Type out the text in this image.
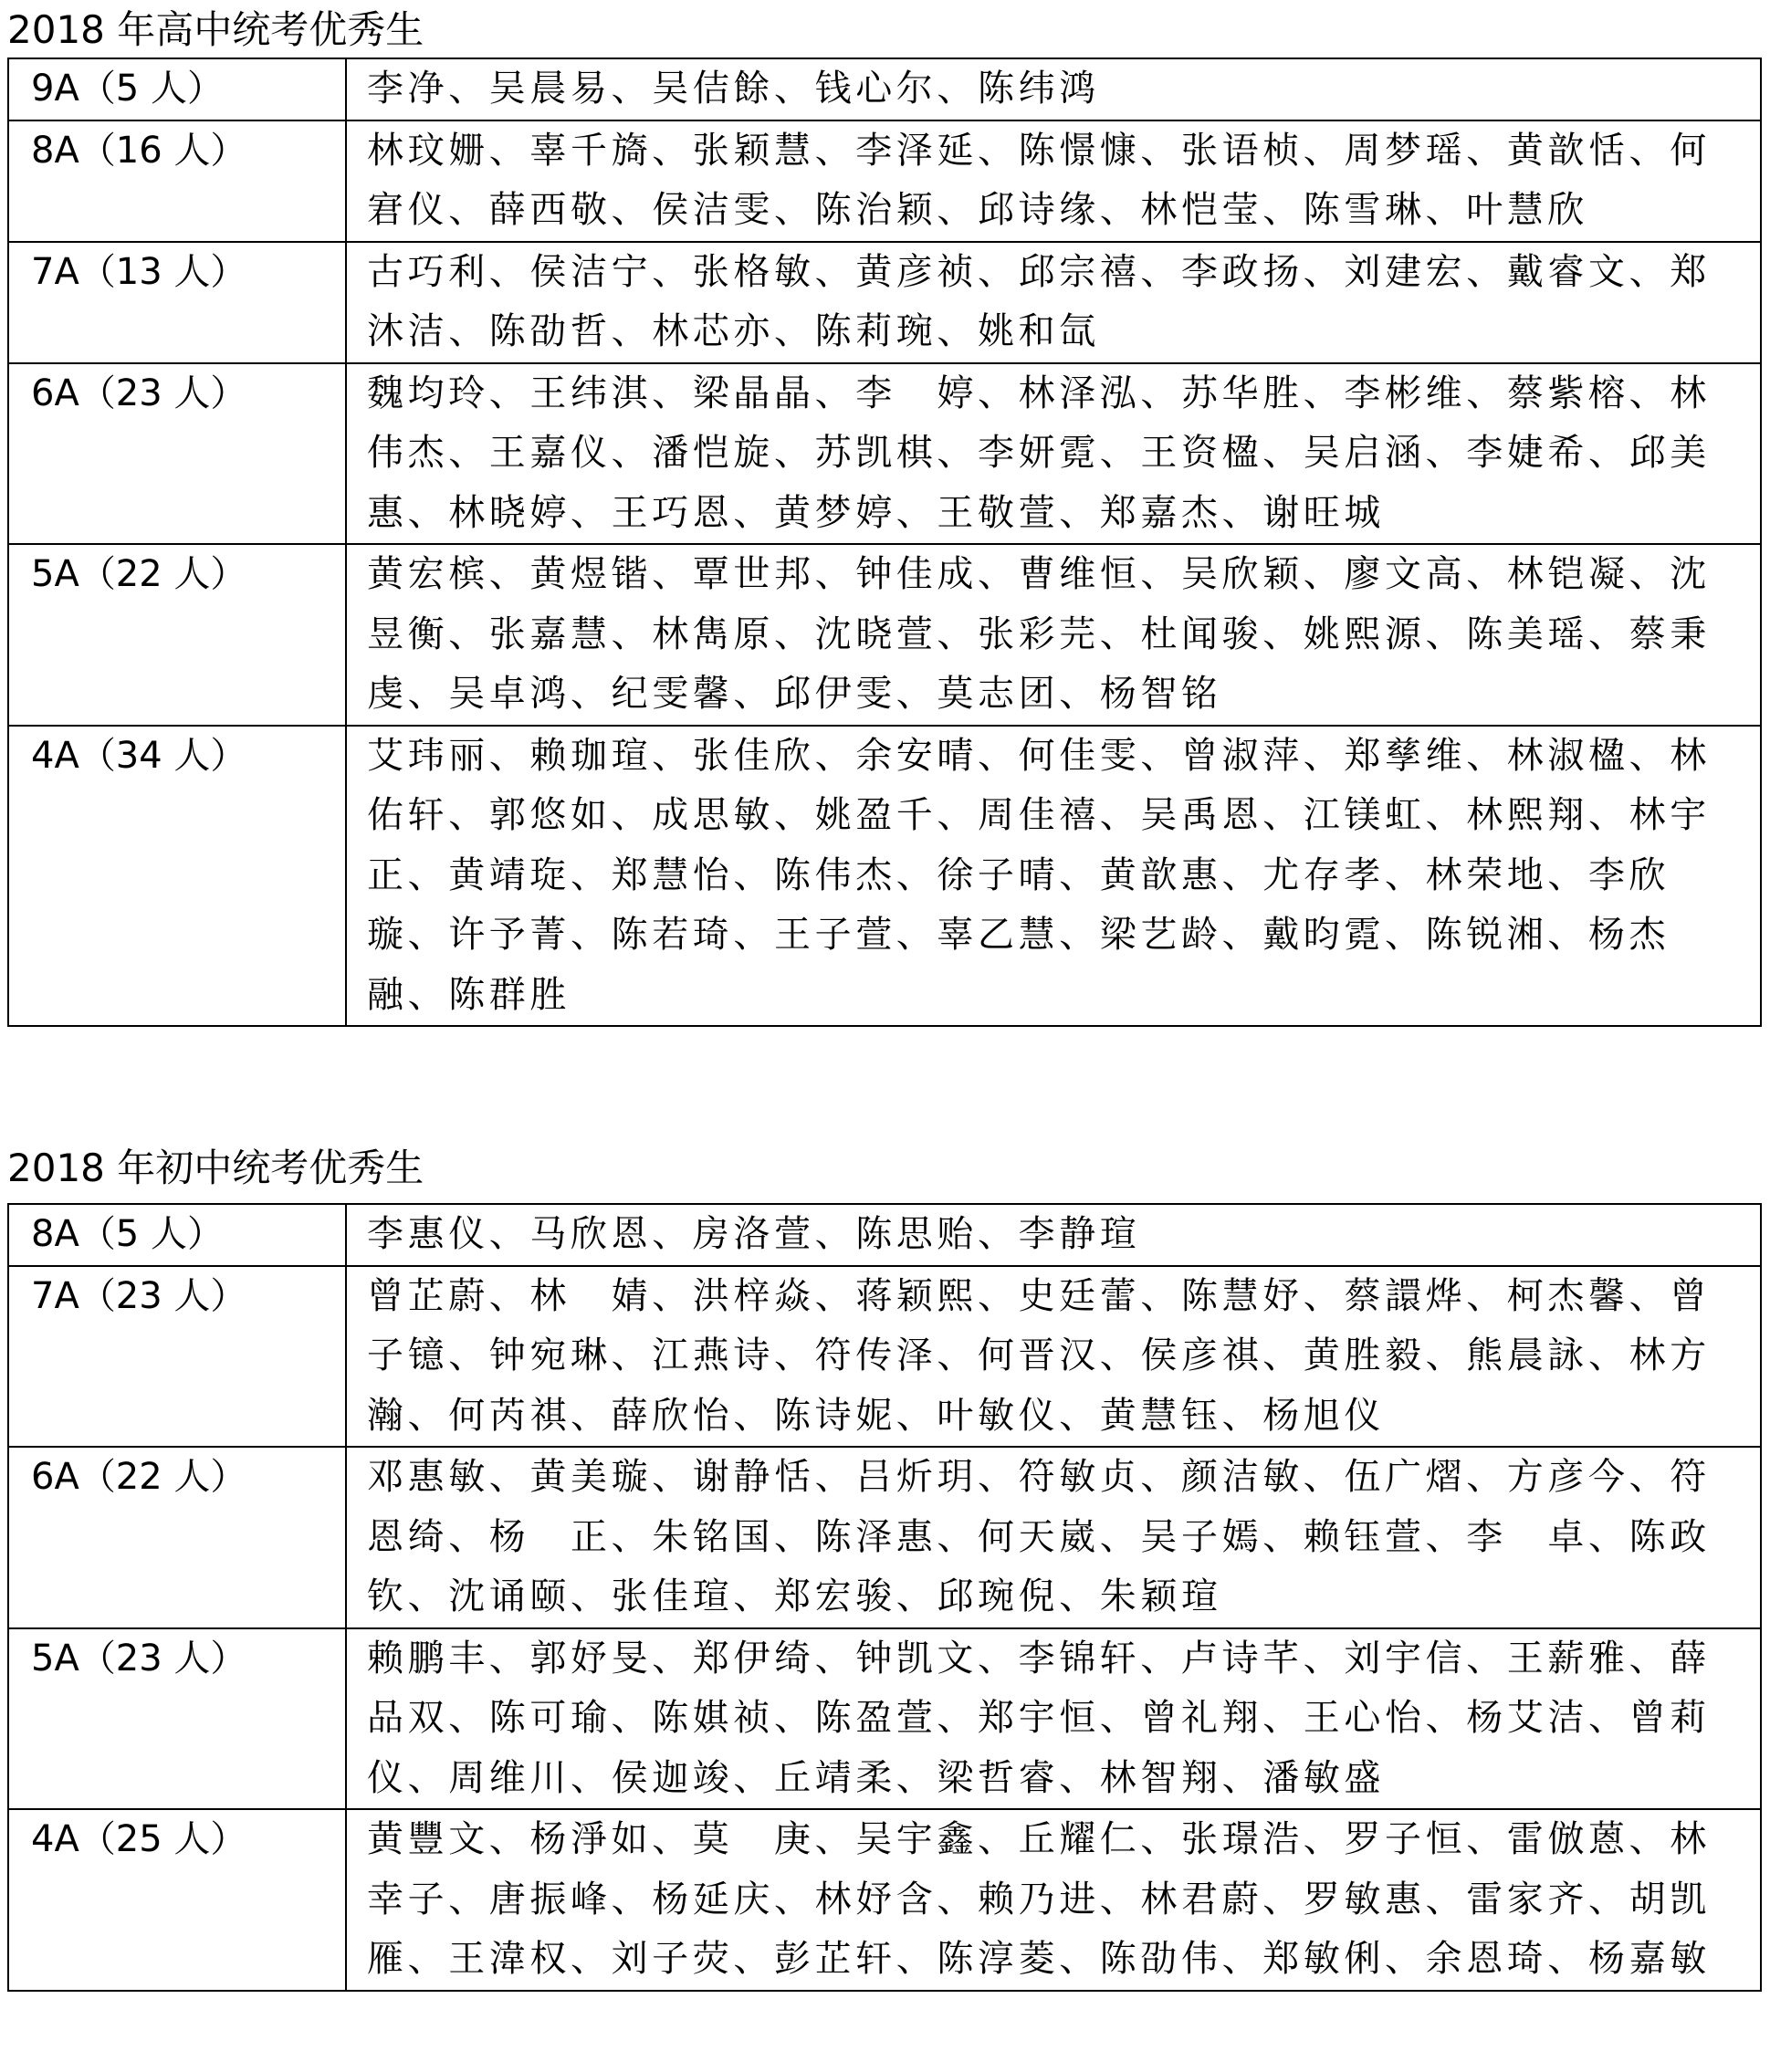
2018 年高中统考优秀生
9A（5 人）	李净、吴晨易、吴佶餘、钱心尔、陈纬鸿

8A（16 人）	林玟姗、辜千旖、张颖慧、李泽延、陈憬慷、张语桢、周梦瑶、黄歆恬、何宭仪、薛西敬、侯洁雯、陈治颖、邱诗缘、林恺莹、陈雪琳、叶慧欣

7A（13 人）	古巧利、侯洁宁、张格敏、黄彦祯、邱宗禧、李政扬、刘建宏、戴睿文、郑沐洁、陈劭哲、林芯亦、陈莉琬、姚和氙

6A（23 人）	魏均玲、王纬淇、梁晶晶、李　婷、林泽泓、苏华胜、李彬维、蔡紫榕、林伟杰、王嘉仪、潘恺旋、苏凯棋、李妍霓、王资楹、吴启涵、李婕希、邱美惠、林晓婷、王巧恩、黄梦婷、王敬萱、郑嘉杰、谢旺城

5A（22 人）	黄宏槟、黄煜锴、覃世邦、钟佳成、曹维恒、吴欣颖、廖文高、林铠凝、沈昱衡、张嘉慧、林雋原、沈晓萱、张彩芫、杜闻骏、姚熙源、陈美瑶、蔡秉虔、吴卓鸿、纪雯馨、邱伊雯、莫志团、杨智铭

4A（34 人）	艾玮丽、赖珈瑄、张佳欣、余安晴、何佳雯、曾淑萍、郑孳维、林淑楹、林佑轩、郭悠如、成思敏、姚盈千、周佳禧、吴禹恩、江镁虹、林熙翔、林宇正、黄靖琁、郑慧怡、陈伟杰、徐子晴、黄歆惠、尤存孝、林荣地、李欣璇、许予菁、陈若琦、王子萱、辜乙慧、梁艺龄、戴昀霓、陈锐湘、杨杰融、陈群胜
2018 年初中统考优秀生
8A（5 人）	李惠仪、马欣恩、房洛萱、陈思贻、李静瑄

7A（23 人）	曾芷蔚、林　婧、洪梓焱、蒋颖熙、史廷蕾、陈慧妤、蔡譞烨、柯杰馨、曾子镱、钟宛琳、江燕诗、符传泽、何晋汉、侯彦祺、黄胜毅、熊晨詠、林方瀚、何芮祺、薛欣怡、陈诗妮、叶敏仪、黄慧钰、杨旭仪

6A（22 人）	邓惠敏、黄美璇、谢静恬、吕炘玥、符敏贞、颜洁敏、伍广熠、方彦今、符恩绮、杨　正、朱铭国、陈泽惠、何天崴、吴子嫣、赖钰萱、李　卓、陈政钦、沈诵颐、张佳瑄、郑宏骏、邱琬倪、朱颖瑄

5A（23 人）	赖鹏丰、郭妤旻、郑伊绮、钟凯文、李锦轩、卢诗芊、刘宇信、王薪雅、薛品双、陈可瑜、陈娸祯、陈盈萱、郑宇恒、曾礼翔、王心怡、杨艾洁、曾莉仪、周维川、侯迦竣、丘靖柔、梁哲睿、林智翔、潘敏盛

4A（25 人）	黄豐文、杨淨如、莫　庚、吴宇鑫、丘耀仁、张璟浩、罗子恒、雷倣蒽、林幸子、唐振峰、杨延庆、林妤含、赖乃进、林君蔚、罗敏惠、雷家齐、胡凯雁、王湋权、刘子荧、彭芷轩、陈淳菱、陈劭伟、郑敏俐、余恩琦、杨嘉敏
